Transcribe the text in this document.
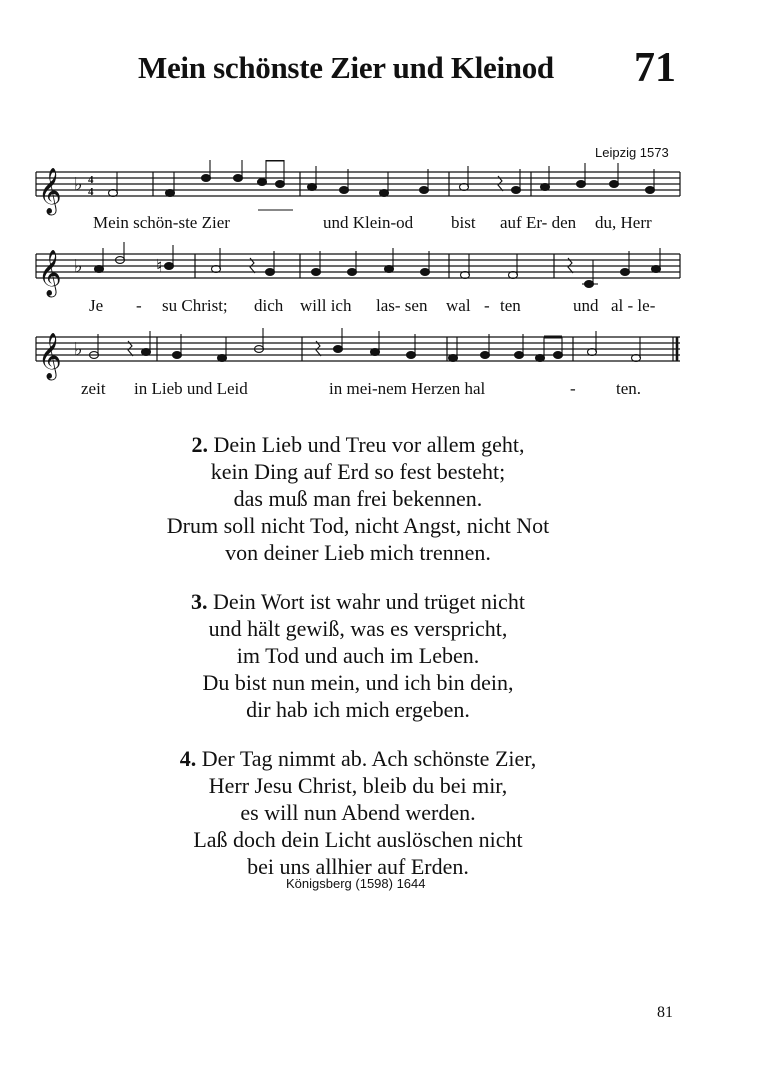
Mein schönste Zier und Kleinod 71
Leipzig 1573
𝄞 ♭ 4
4
Mein schön-ste Zier	und Klein-od bist auf Er- den du, Herr
𝄞 ♭	♮
Je - su Christ; dich will ich las- sen wal - ten	und al - le-
𝄞 ♭
zeit in Lieb und Leid	in mei-nem Herzen hal	- ten.
2. Dein Lieb und Treu vor allem geht,
kein Ding auf Erd so fest besteht;
das muß man frei bekennen.
Drum soll nicht Tod, nicht Angst, nicht Not
von deiner Lieb mich trennen.
3. Dein Wort ist wahr und trüget nicht
und hält gewiß, was es verspricht,
im Tod und auch im Leben.
Du bist nun mein, und ich bin dein,
dir hab ich mich ergeben.
4. Der Tag nimmt ab. Ach schönste Zier,
Herr Jesu Christ, bleib du bei mir,
es will nun Abend werden.
Laß doch dein Licht auslöschen nicht
bei uns allhier auf Erden.
Königsberg (1598) 1644
81
